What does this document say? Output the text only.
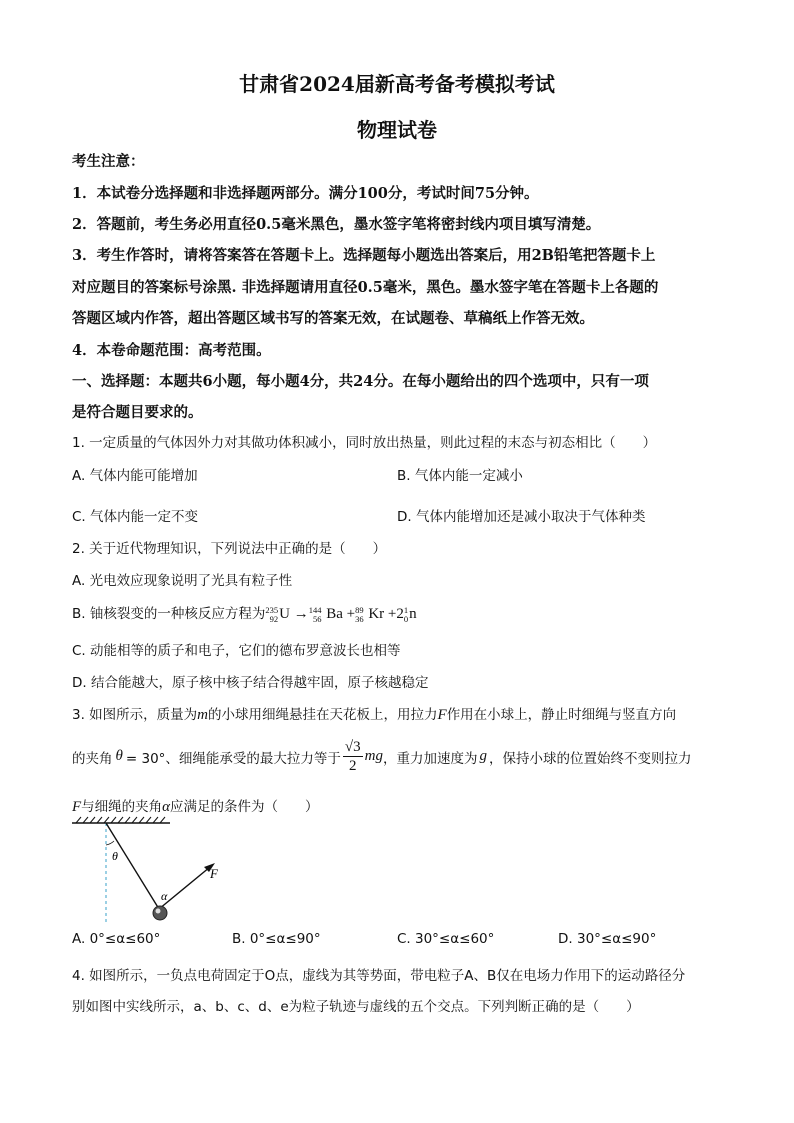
甘肃省2024届新高考备考模拟考试
物理试卷
考生注意：
1．本试卷分选择题和非选择题两部分。满分100分，考试时间75分钟。
2．答题前，考生务必用直径0.5毫米黑色，墨水签字笔将密封线内项目填写清楚。
3．考生作答时，请将答案答在答题卡上。选择题每小题选出答案后，用2B铅笔把答题卡上
对应题目的答案标号涂黑. 非选择题请用直径0.5毫米，黑色。墨水签字笔在答题卡上各题的
答题区域内作答，超出答题区域书写的答案无效，在试题卷、草稿纸上作答无效。
4．本卷命题范围：高考范围。
一、选择题：本题共6小题，每小题4分，共24分。在每小题给出的四个选项中，只有一项
是符合题目要求的。
1. 一定质量的气体因外力对其做功体积减小，同时放出热量，则此过程的末态与初态相比（　　）
A. 气体内能可能增加	B. 气体内能一定减小
C. 气体内能一定不变	D. 气体内能增加还是减小取决于气体种类
2. 关于近代物理知识，下列说法中正确的是（　　）
A. 光电效应现象说明了光具有粒子性
B. 铀核裂变的一种核反应方程为 235
92 U → 144
56 Ba + 89
36 Kr +2 1
0 n
C. 动能相等的质子和电子，它们的德布罗意波长也相等
D. 结合能越大，原子核中核子结合得越牢固，原子核越稳定
3. 如图所示，质量为m的小球用细绳悬挂在天花板上，用拉力F作用在小球上，静止时细绳与竖直方向
的夹角 θ = 30°、细绳能承受的最大拉力等于 $\frac{√3}{2}$ mg ，重力加速度为 g ，保持小球的位置始终不变则拉力
F与细绳的夹角α应满足的条件为（　　）
θ
α
F
A. 0°≤α≤60°	B. 0°≤α≤90°	C. 30°≤α≤60°	D. 30°≤α≤90°
4. 如图所示，一负点电荷固定于O点，虚线为其等势面，带电粒子A、B仅在电场力作用下的运动路径分
别如图中实线所示，a、b、c、d、e为粒子轨迹与虚线的五个交点。下列判断正确的是（　　）
